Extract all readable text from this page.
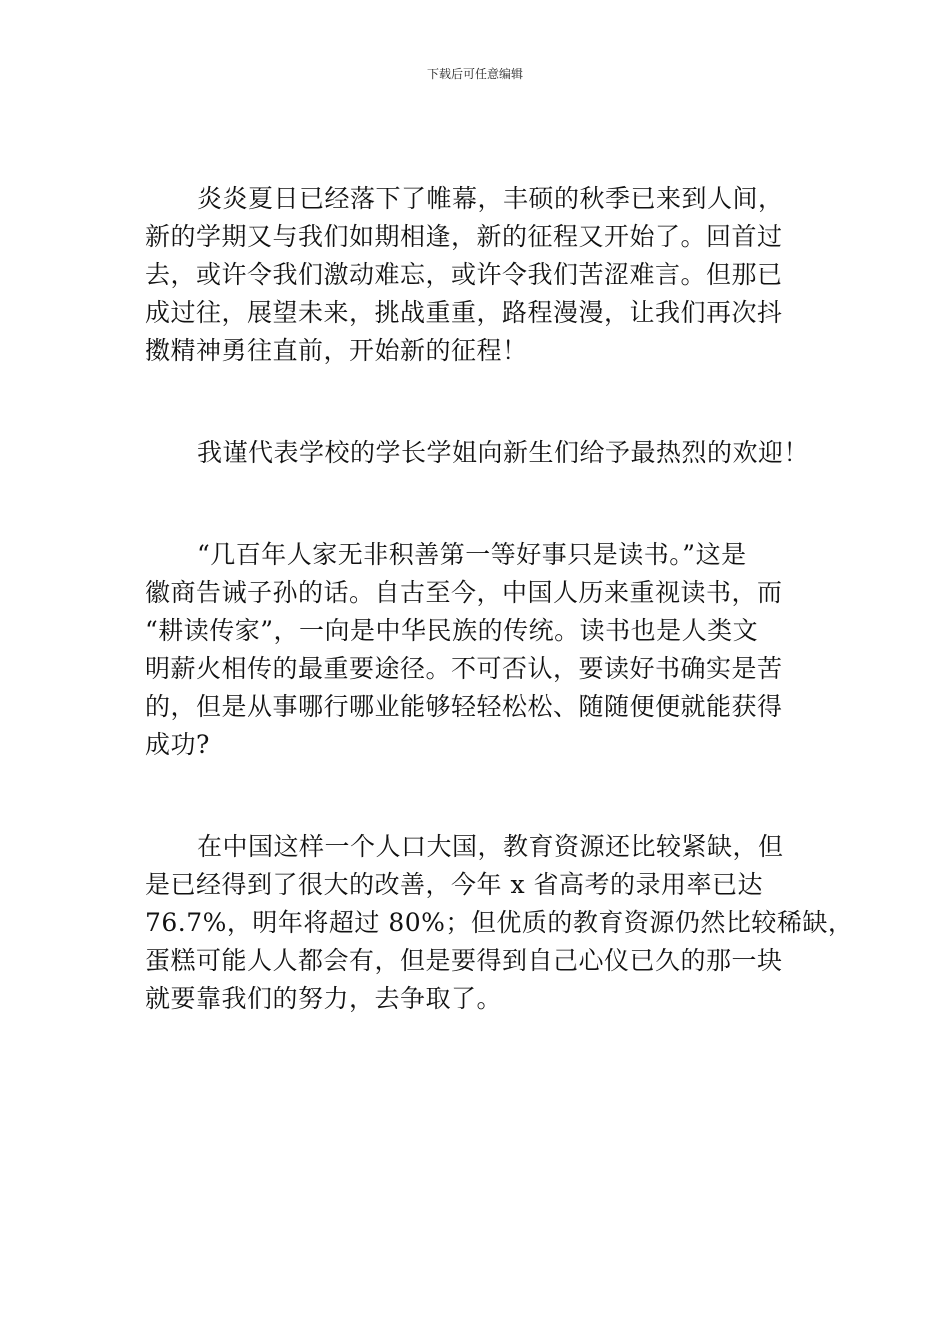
下载后可任意编辑

炎炎夏日已经落下了帷幕，丰硕的秋季已来到人间，
新的学期又与我们如期相逢，新的征程又开始了。回首过
去，或许令我们激动难忘，或许令我们苦涩难言。但那已
成过往，展望未来，挑战重重，路程漫漫，让我们再次抖
擞精神勇往直前，开始新的征程！

我谨代表学校的学长学姐向新生们给予最热烈的欢迎！

“几百年人家无非积善第一等好事只是读书。”这是
徽商告诫子孙的话。自古至今，中国人历来重视读书，而
“耕读传家”，一向是中华民族的传统。读书也是人类文
明薪火相传的最重要途径。不可否认，要读好书确实是苦
的，但是从事哪行哪业能够轻轻松松、随随便便就能获得
成功?

在中国这样一个人口大国，教育资源还比较紧缺，但
是已经得到了很大的改善，今年 x 省高考的录用率已达
76.7%，明年将超过 80%；但优质的教育资源仍然比较稀缺，
蛋糕可能人人都会有，但是要得到自己心仪已久的那一块
就要靠我们的努力，去争取了。
